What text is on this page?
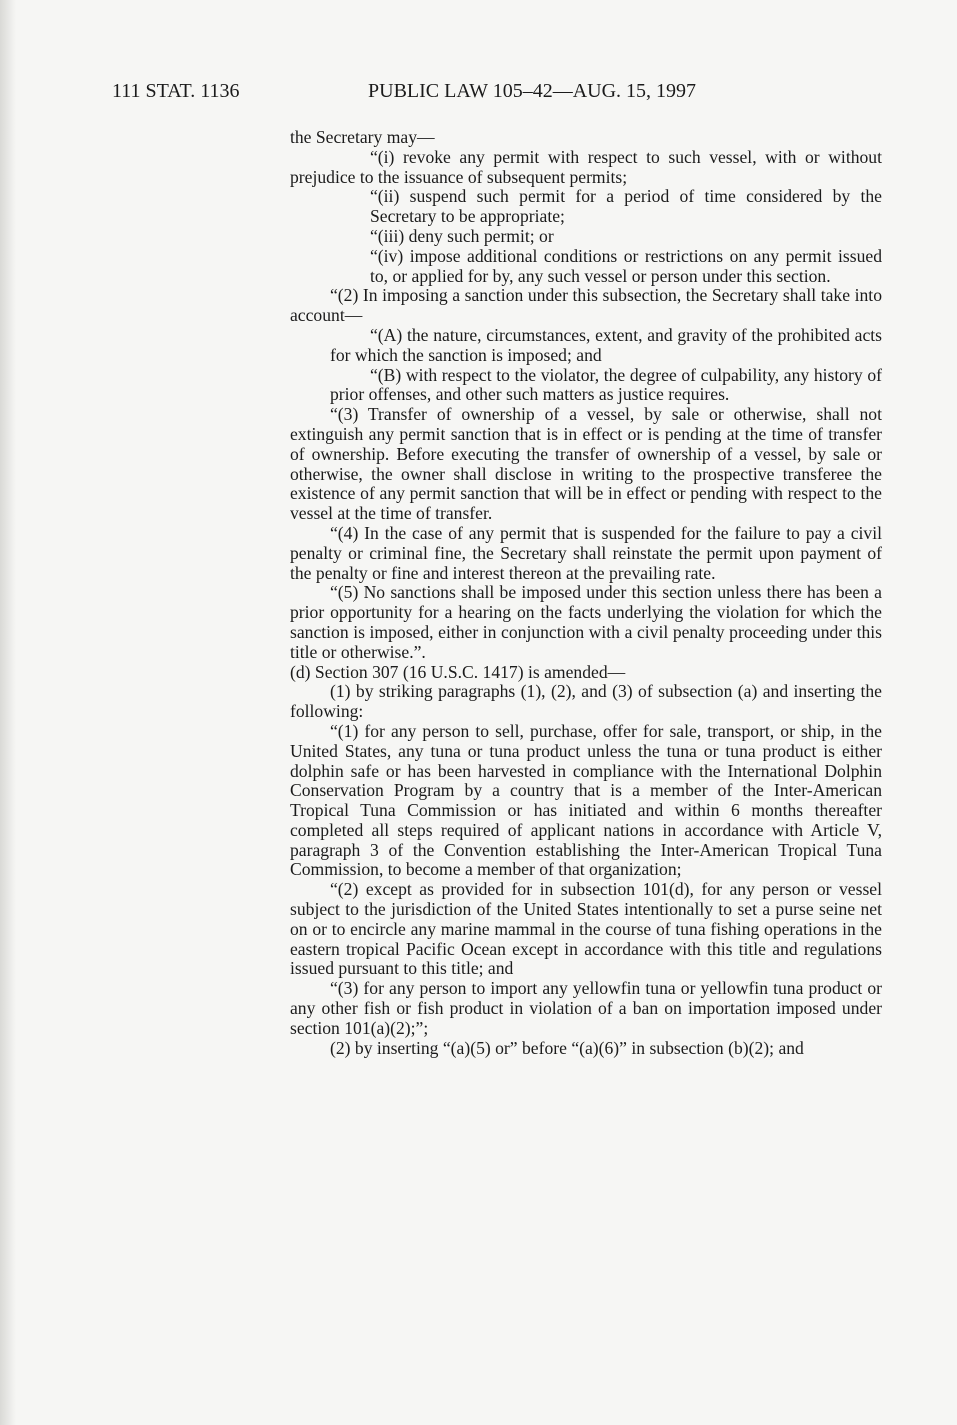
111 STAT. 1136	PUBLIC LAW 105–42—AUG. 15, 1997

the Secretary may—

“(i) revoke any permit with respect to such vessel, with or without prejudice to the issuance of subsequent permits;

“(ii) suspend such permit for a period of time considered by the Secretary to be appropriate;

“(iii) deny such permit; or

“(iv) impose additional conditions or restrictions on any permit issued to, or applied for by, any such vessel or person under this section.

“(2) In imposing a sanction under this subsection, the Secretary shall take into account—

“(A) the nature, circumstances, extent, and gravity of the prohibited acts for which the sanction is imposed; and

“(B) with respect to the violator, the degree of culpability, any history of prior offenses, and other such matters as justice requires.

“(3) Transfer of ownership of a vessel, by sale or otherwise, shall not extinguish any permit sanction that is in effect or is pending at the time of transfer of ownership. Before executing the transfer of ownership of a vessel, by sale or otherwise, the owner shall disclose in writing to the prospective transferee the existence of any permit sanction that will be in effect or pending with respect to the vessel at the time of transfer.

“(4) In the case of any permit that is suspended for the failure to pay a civil penalty or criminal fine, the Secretary shall reinstate the permit upon payment of the penalty or fine and interest thereon at the prevailing rate.

“(5) No sanctions shall be imposed under this section unless there has been a prior opportunity for a hearing on the facts underlying the violation for which the sanction is imposed, either in conjunction with a civil penalty proceeding under this title or otherwise.”.

(d) Section 307 (16 U.S.C. 1417) is amended—

(1) by striking paragraphs (1), (2), and (3) of subsection (a) and inserting the following:

“(1) for any person to sell, purchase, offer for sale, transport, or ship, in the United States, any tuna or tuna product unless the tuna or tuna product is either dolphin safe or has been harvested in compliance with the International Dolphin Conservation Program by a country that is a member of the Inter-American Tropical Tuna Commission or has initiated and within 6 months thereafter completed all steps required of applicant nations in accordance with Article V, paragraph 3 of the Convention establishing the Inter-American Tropical Tuna Commission, to become a member of that organization;

“(2) except as provided for in subsection 101(d), for any person or vessel subject to the jurisdiction of the United States intentionally to set a purse seine net on or to encircle any marine mammal in the course of tuna fishing operations in the eastern tropical Pacific Ocean except in accordance with this title and regulations issued pursuant to this title; and

“(3) for any person to import any yellowfin tuna or yellowfin tuna product or any other fish or fish product in violation of a ban on importation imposed under section 101(a)(2);”;

(2) by inserting “(a)(5) or” before “(a)(6)” in subsection (b)(2); and
